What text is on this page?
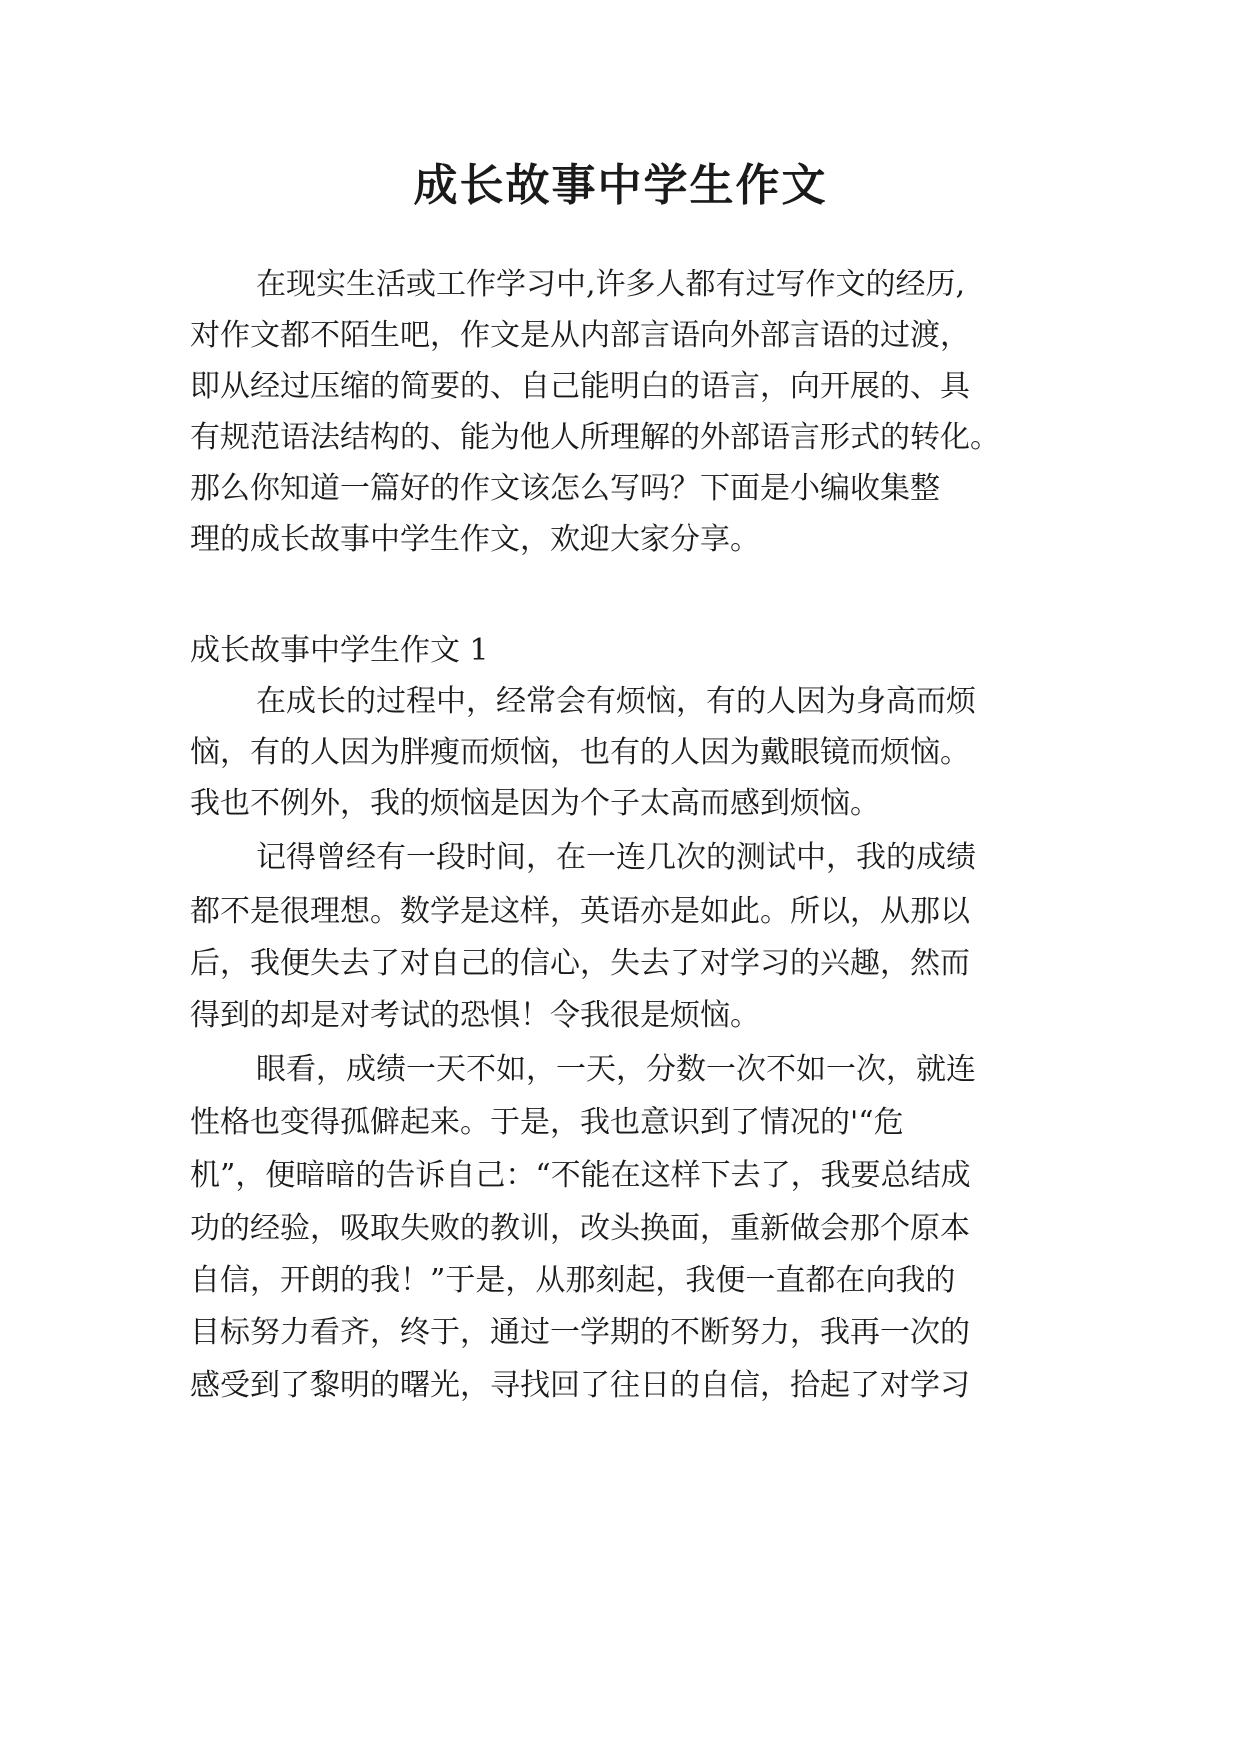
成长故事中学生作文

在现实生活或工作学习中,许多人都有过写作文的经历,

对作文都不陌生吧，作文是从内部言语向外部言语的过渡，

即从经过压缩的简要的、自己能明白的语言，向开展的、具

有规范语法结构的、能为他人所理解的外部语言形式的转化。

那么你知道一篇好的作文该怎么写吗？下面是小编收集整

理的成长故事中学生作文，欢迎大家分享。

成长故事中学生作文 1

在成长的过程中，经常会有烦恼，有的人因为身高而烦

恼，有的人因为胖瘦而烦恼，也有的人因为戴眼镜而烦恼。

我也不例外，我的烦恼是因为个子太高而感到烦恼。

记得曾经有一段时间，在一连几次的测试中，我的成绩

都不是很理想。数学是这样，英语亦是如此。所以，从那以

后，我便失去了对自己的信心，失去了对学习的兴趣，然而

得到的却是对考试的恐惧！令我很是烦恼。

眼看，成绩一天不如，一天，分数一次不如一次，就连

性格也变得孤僻起来。于是，我也意识到了情况的'“危

机”，便暗暗的告诉自己：“不能在这样下去了，我要总结成

功的经验，吸取失败的教训，改头换面，重新做会那个原本

自信，开朗的我！”于是，从那刻起，我便一直都在向我的

目标努力看齐，终于，通过一学期的不断努力，我再一次的

感受到了黎明的曙光，寻找回了往日的自信，拾起了对学习
